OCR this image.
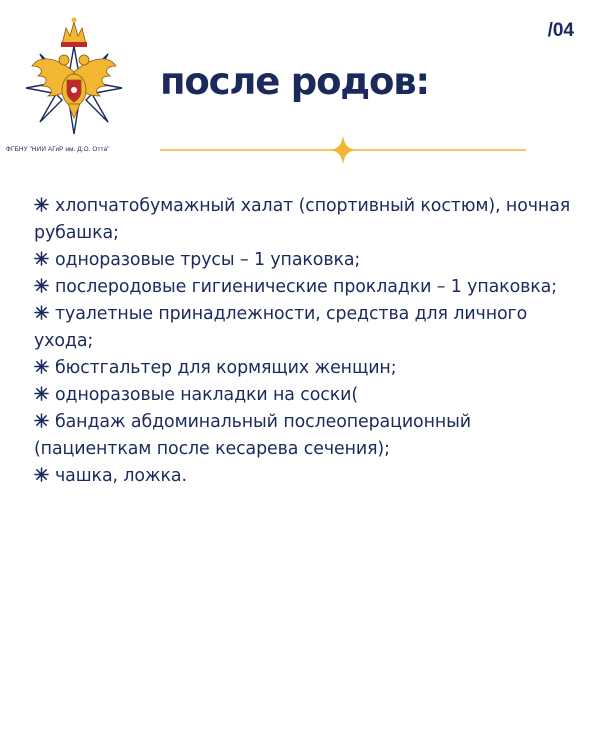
ФГБНУ "НИИ АГиР им. Д.О. Отта"
/04
после родов:
хлопчатобумажный халат (спортивный костюм), ночная рубашка;
одноразовые трусы – 1 упаковка;
послеродовые гигиенические прокладки – 1 упаковка;
туалетные принадлежности, средства для личного ухода;
бюстгальтер для кормящих женщин;
одноразовые накладки на соски(
бандаж абдоминальный послеоперационный (пациенткам после кесарева сечения);
чашка, ложка.
